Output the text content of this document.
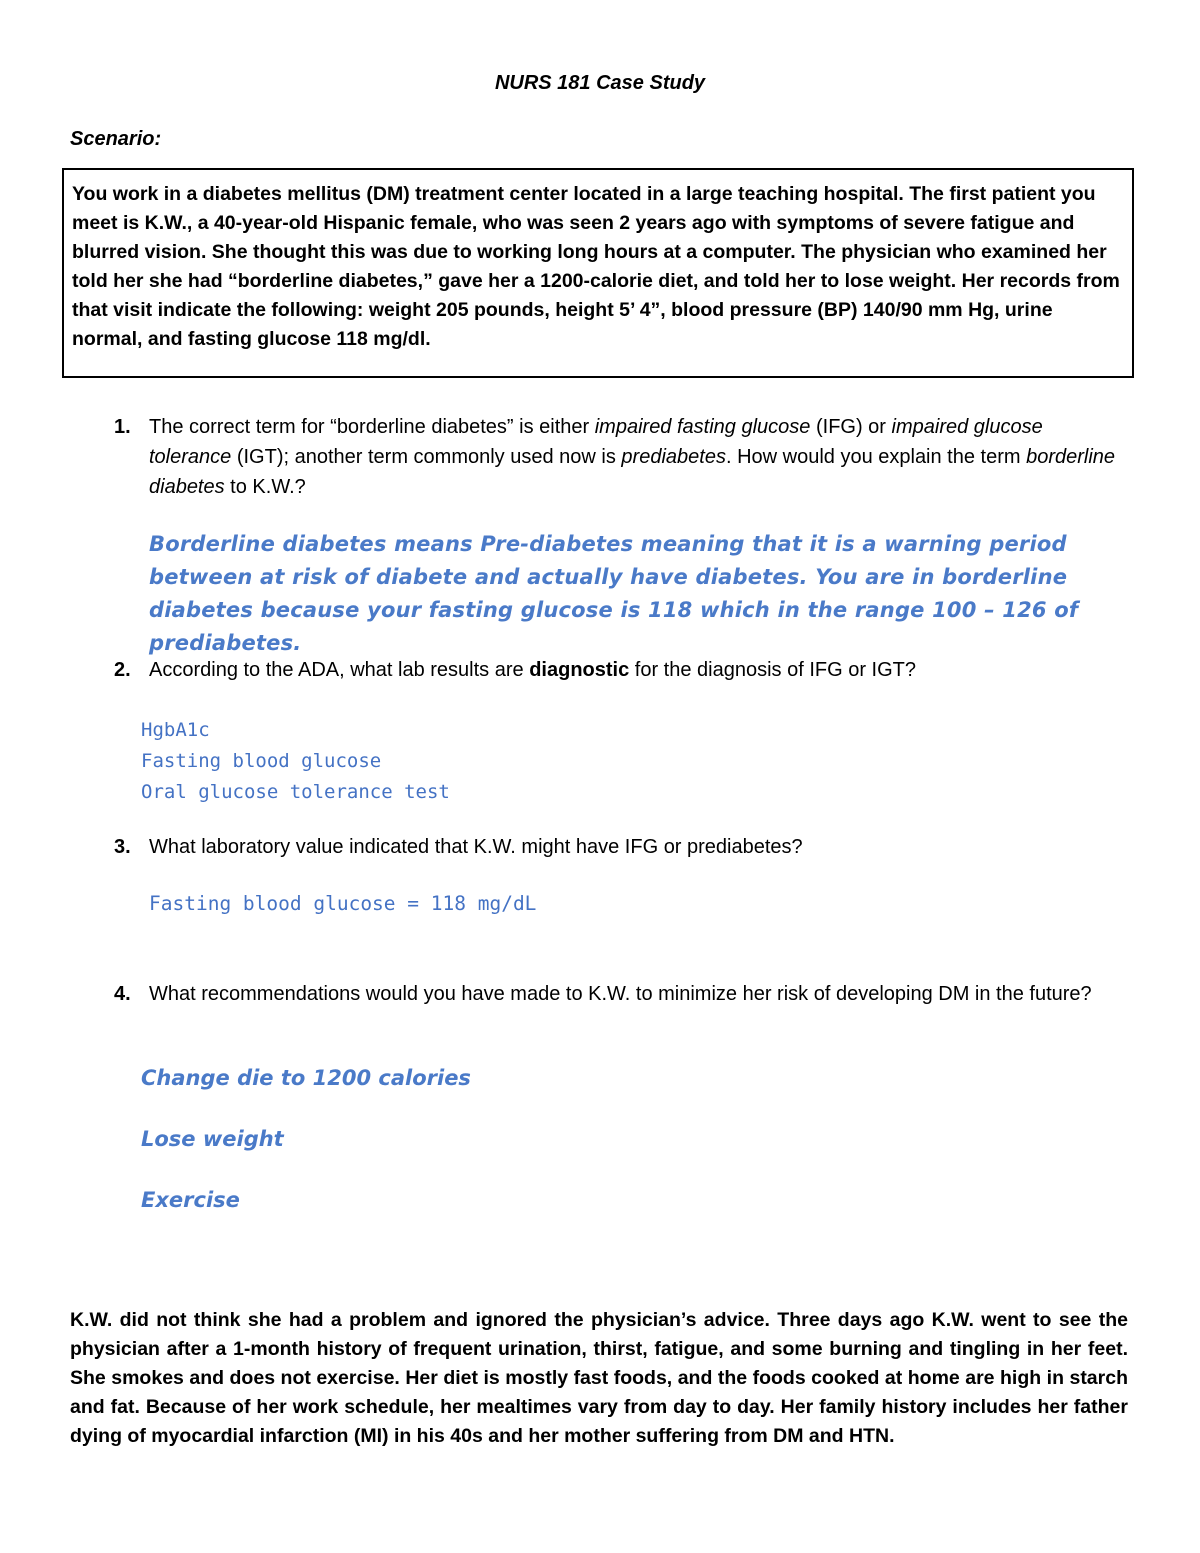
NURS 181 Case Study
Scenario:
You work in a diabetes mellitus (DM) treatment center located in a large teaching hospital. The first patient you meet is K.W., a 40-year-old Hispanic female, who was seen 2 years ago with symptoms of severe fatigue and blurred vision. She thought this was due to working long hours at a computer. The physician who examined her told her she had “borderline diabetes,” gave her a 1200-calorie diet, and told her to lose weight. Her records from that visit indicate the following: weight 205 pounds, height 5’ 4”, blood pressure (BP) 140/90 mm Hg, urine normal, and fasting glucose 118 mg/dl.
1. The correct term for “borderline diabetes” is either impaired fasting glucose (IFG) or impaired glucose tolerance (IGT); another term commonly used now is prediabetes. How would you explain the term borderline diabetes to K.W.?
Borderline diabetes means Pre-diabetes meaning that it is a warning period between at risk of diabete and actually have diabetes. You are in borderline diabetes because your fasting glucose is 118 which in the range 100 – 126 of prediabetes.
2. According to the ADA, what lab results are diagnostic for the diagnosis of IFG or IGT?
HgbA1c
Fasting blood glucose
Oral glucose tolerance test
3. What laboratory value indicated that K.W. might have IFG or prediabetes?
Fasting blood glucose = 118 mg/dL
4. What recommendations would you have made to K.W. to minimize her risk of developing DM in the future?
Change die to 1200 calories
Lose weight
Exercise
K.W. did not think she had a problem and ignored the physician’s advice. Three days ago K.W. went to see the physician after a 1-month history of frequent urination, thirst, fatigue, and some burning and tingling in her feet. She smokes and does not exercise. Her diet is mostly fast foods, and the foods cooked at home are high in starch and fat. Because of her work schedule, her mealtimes vary from day to day. Her family history includes her father dying of myocardial infarction (MI) in his 40s and her mother suffering from DM and HTN.
